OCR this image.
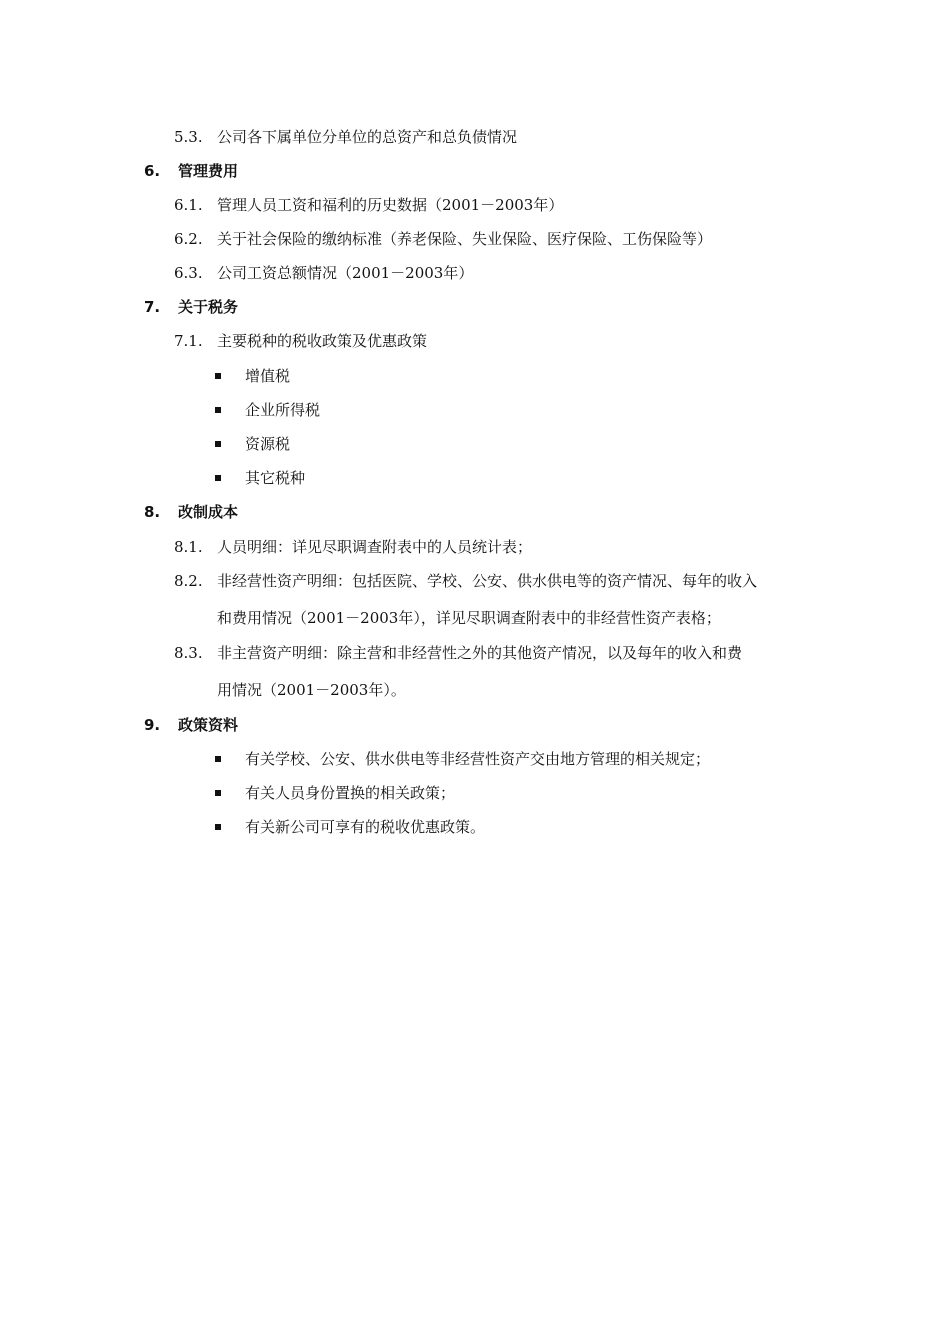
5.3. 公司各下属单位分单位的总资产和总负债情况
6. 管理费用
6.1. 管理人员工资和福利的历史数据（2001－2003年）
6.2. 关于社会保险的缴纳标准（养老保险、失业保险、医疗保险、工伤保险等）
6.3. 公司工资总额情况（2001－2003年）
7. 关于税务
7.1. 主要税种的税收政策及优惠政策
增值税
企业所得税
资源税
其它税种
8. 改制成本
8.1. 人员明细：详见尽职调查附表中的人员统计表；
8.2. 非经营性资产明细：包括医院、学校、公安、供水供电等的资产情况、每年的收入
和费用情况（2001－2003年），详见尽职调查附表中的非经营性资产表格；
8.3. 非主营资产明细：除主营和非经营性之外的其他资产情况，以及每年的收入和费
用情况（2001－2003年）。
9. 政策资料
有关学校、公安、供水供电等非经营性资产交由地方管理的相关规定；
有关人员身份置换的相关政策；
有关新公司可享有的税收优惠政策。
